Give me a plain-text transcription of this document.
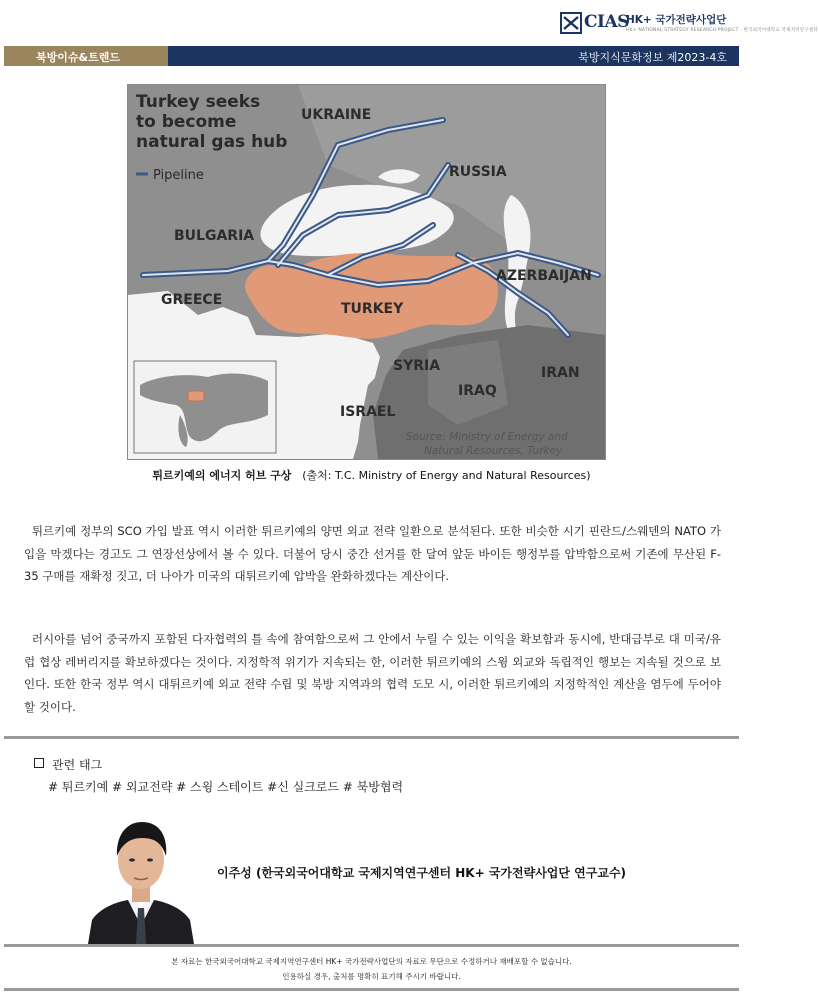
CIAS
HK+ 국가전략사업단
HK+ NATIONAL STRATEGY RESEARCH PROJECT · 한국외국어대학교 국제지역연구센터
북방이슈&트렌드	북방지식문화정보 제2023-4호
Turkey seeks
to become
natural gas hub
Pipeline
UKRAINE
RUSSIA
BULGARIA
GREECE
TURKEY
AZERBAIJAN
SYRIA
IRAQ
IRAN
ISRAEL
Source: Ministry of Energy and
Natural Resources, Turkey
튀르키예의 에너지 허브 구상 (출처: T.C. Ministry of Energy and Natural Resources)

튀르키예 정부의 SCO 가입 발표 역시 이러한 튀르키예의 양면 외교 전략 일환으로 분석된다. 또한 비슷한 시기 핀란드/스웨덴의 NATO 가입을 막겠다는 경고도 그 연장선상에서 볼 수 있다. 더불어 당시 중간 선거를 한 달여 앞둔 바이든 행정부를 압박함으로써 기존에 무산된 F-35 구매를 재확정 짓고, 더 나아가 미국의 대튀르키예 압박을 완화하겠다는 계산이다.

러시아를 넘어 중국까지 포함된 다자협력의 틀 속에 참여함으로써 그 안에서 누릴 수 있는 이익을 확보함과 동시에, 반대급부로 대 미국/유럽 협상 레버리지를 확보하겠다는 것이다. 지정학적 위기가 지속되는 한, 이러한 튀르키예의 스윙 외교와 독립적인 행보는 지속될 것으로 보인다. 또한 한국 정부 역시 대튀르키예 외교 전략 수립 및 북방 지역과의 협력 도모 시, 이러한 튀르키예의 지정학적인 계산을 염두에 두어야 할 것이다.

관련 태그
# 튀르키예 # 외교전략 # 스윙 스테이트 #신 실크로드 # 북방협력
이주성 (한국외국어대학교 국제지역연구센터 HK+ 국가전략사업단 연구교수)
본 자료는 한국외국어대학교 국제지역연구센터 HK+ 국가전략사업단의 자료로 무단으로 수정하거나 재배포할 수 없습니다.
인용하실 경우, 출처를 명확히 표기해 주시기 바랍니다.
